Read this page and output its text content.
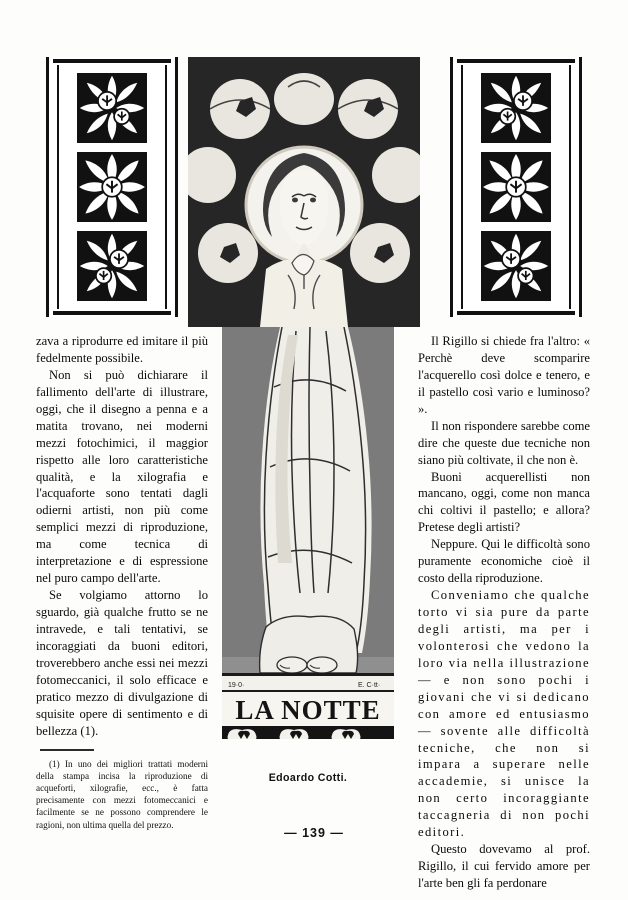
19·0·	E. C·tt·
LA NOTTE

zava a riprodurre ed imitare il più fedelmente possibile.

Non si può dichiarare il fallimento dell'arte di illustrare, oggi, che il disegno a penna e a matita trovano, nei moderni mezzi fotochimici, il maggior rispetto alle loro caratteristiche qualità, e la xilografia e l'acquaforte sono tentati dagli odierni artisti, non più come semplici mezzi di riproduzione, ma come tecnica di interpretazione e di espressione nel puro campo dell'arte.

Se volgiamo attorno lo sguardo, già qualche frutto se ne intravede, e tali tentativi, se incoraggiati da buoni editori, troverebbero anche essi nei mezzi fotomeccanici, il solo efficace e pratico mezzo di divulgazione di squisite opere di sentimento e di bellezza (1).

(1) In uno dei migliori trattati moderni della stampa incisa la riproduzione di acqueforti, xilografie, ecc., è fatta precisamente con mezzi fotomeccanici e facilmente se ne possono comprendere le ragioni, non ultima quella del prezzo.

Il Rigillo si chiede fra l'altro: « Perchè deve scomparire l'acquerello così dolce e tenero, e il pastello così vario e luminoso? ».

Il non rispondere sarebbe come dire che queste due tecniche non siano più coltivate, il che non è.

Buoni acquerellisti non mancano, oggi, come non manca chi coltivi il pastello; e allora? Pretese degli artisti?

Neppure. Qui le difficoltà sono puramente economiche cioè il costo della riproduzione.

Conveniamo che qualche torto vi sia pure da parte degli artisti, ma per i volonterosi che vedono la loro via nella illustrazione — e non sono pochi i giovani che vi si dedicano con amore ed entusiasmo — sovente alle difficoltà tecniche, che non si impara a superare nelle accademie, si unisce la non certo incoraggiante taccagneria di non pochi editori.

Questo dovevamo al prof. Rigillo, il cui fervido amore per l'arte ben gli fa perdonare

Edoardo Cotti.
— 139 —
